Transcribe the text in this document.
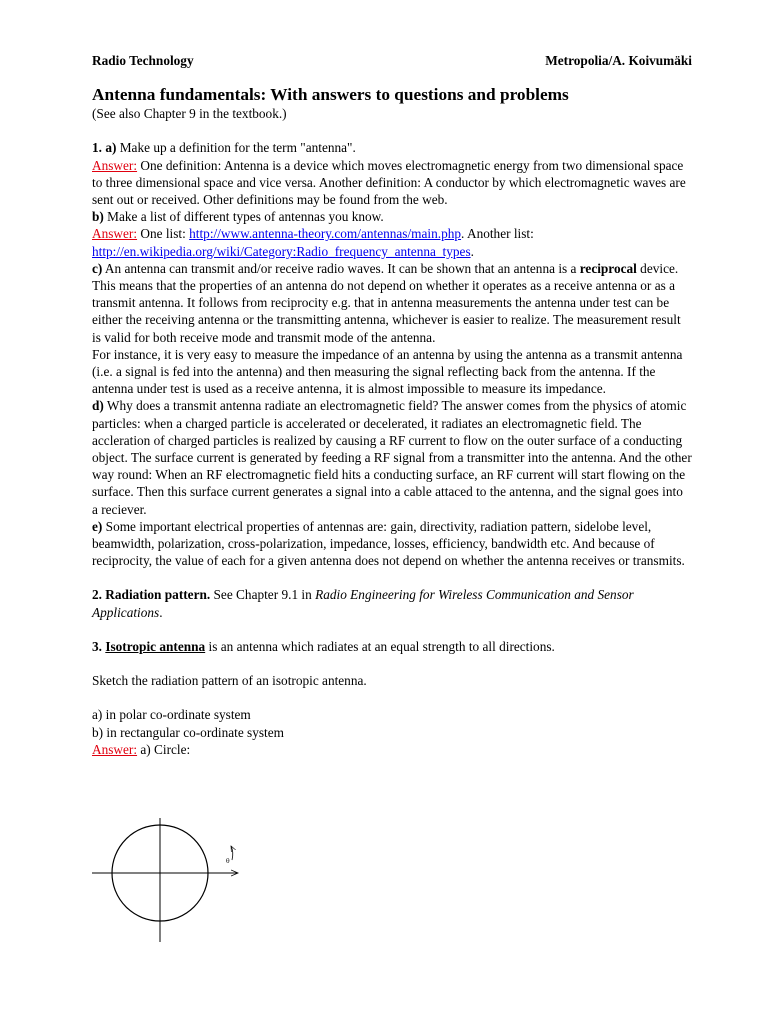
Radio Technology	Metropolia/A. Koivumäki
Antenna fundamentals: With answers to questions and problems

(See also Chapter 9 in the textbook.)

1. a) Make up a definition for the term "antenna".

Answer: One definition: Antenna is a device which moves electromagnetic energy from two dimensional space to three dimensional space and vice versa. Another definition: A conductor by which electromagnetic waves are sent out or received. Other definitions may be found from the web.

b) Make a list of different types of antennas you know.

Answer: One list: http://www.antenna-theory.com/antennas/main.php. Another list:
http://en.wikipedia.org/wiki/Category:Radio_frequency_antenna_types.

c) An antenna can transmit and/or receive radio waves. It can be shown that an antenna is a reciprocal device. This means that the properties of an antenna do not depend on whether it operates as a receive antenna or as a transmit antenna. It follows from reciprocity e.g. that in antenna measurements the antenna under test can be either the receiving antenna or the transmitting antenna, whichever is easier to realize. The measurement result is valid for both receive mode and transmit mode of the antenna.

For instance, it is very easy to measure the impedance of an antenna by using the antenna as a transmit antenna (i.e. a signal is fed into the antenna) and then measuring the signal reflecting back from the antenna. If the antenna under test is used as a receive antenna, it is almost impossible to measure its impedance.

d) Why does a transmit antenna radiate an electromagnetic field? The answer comes from the physics of atomic particles: when a charged particle is accelerated or decelerated, it radiates an electromagnetic field. The accleration of charged particles is realized by causing a RF current to flow on the outer surface of a conducting object. The surface current is generated by feeding a RF signal from a transmitter into the antenna. And the other way round: When an RF electromagnetic field hits a conducting surface, an RF current will start flowing on the surface. Then this surface current generates a signal into a cable attaced to the antenna, and the signal goes into a reciever.

e) Some important electrical properties of antennas are: gain, directivity, radiation pattern, sidelobe level, beamwidth, polarization, cross-polarization, impedance, losses, efficiency, bandwidth etc. And because of reciprocity, the value of each for a given antenna does not depend on whether the antenna receives or transmits.

2. Radiation pattern. See Chapter 9.1 in Radio Engineering for Wireless Communication and Sensor Applications.

3. Isotropic antenna is an antenna which radiates at an equal strength to all directions.

Sketch the radiation pattern of an isotropic antenna.

a) in polar co-ordinate system

b) in rectangular co-ordinate system

Answer: a) Circle:

θ
